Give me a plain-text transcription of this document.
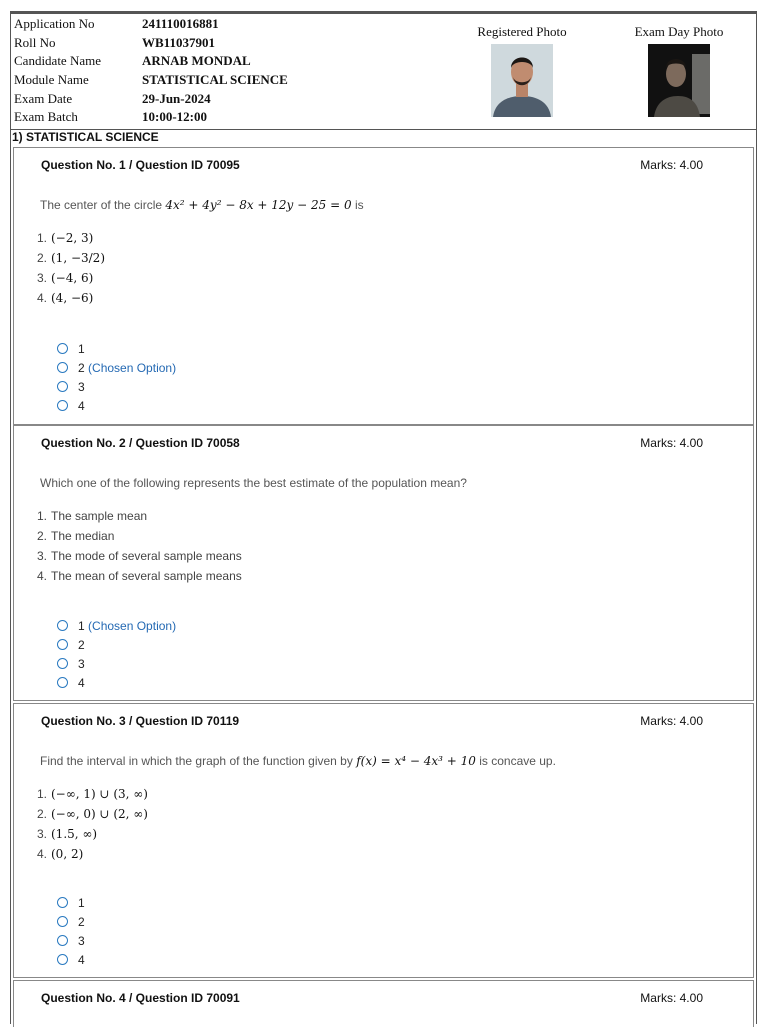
Application No	241110016881
Roll No	WB11037901
Candidate Name	ARNAB MONDAL
Module Name	STATISTICAL SCIENCE
Exam Date	29-Jun-2024
Exam Batch	10:00-12:00
Registered Photo	Exam Day Photo
1) STATISTICAL SCIENCE
Question No. 1 / Question ID 70095	Marks: 4.00
The center of the circle 4x² + 4y² − 8x + 12y − 25 = 0 is
1. (−2, 3)
2. (1, −3/2)
3. (−4, 6)
4. (4, −6)
1
2 (Chosen Option)
3
4
Question No. 2 / Question ID 70058	Marks: 4.00
Which one of the following represents the best estimate of the population mean?
1. The sample mean
2. The median
3. The mode of several sample means
4. The mean of several sample means
1 (Chosen Option)
2
3
4
Question No. 3 / Question ID 70119	Marks: 4.00
Find the interval in which the graph of the function given by f(x) = x⁴ − 4x³ + 10 is concave up.
1. (−∞, 1) ∪ (3, ∞)
2. (−∞, 0) ∪ (2, ∞)
3. (1.5, ∞)
4. (0, 2)
1
2
3
4
Question No. 4 / Question ID 70091	Marks: 4.00
